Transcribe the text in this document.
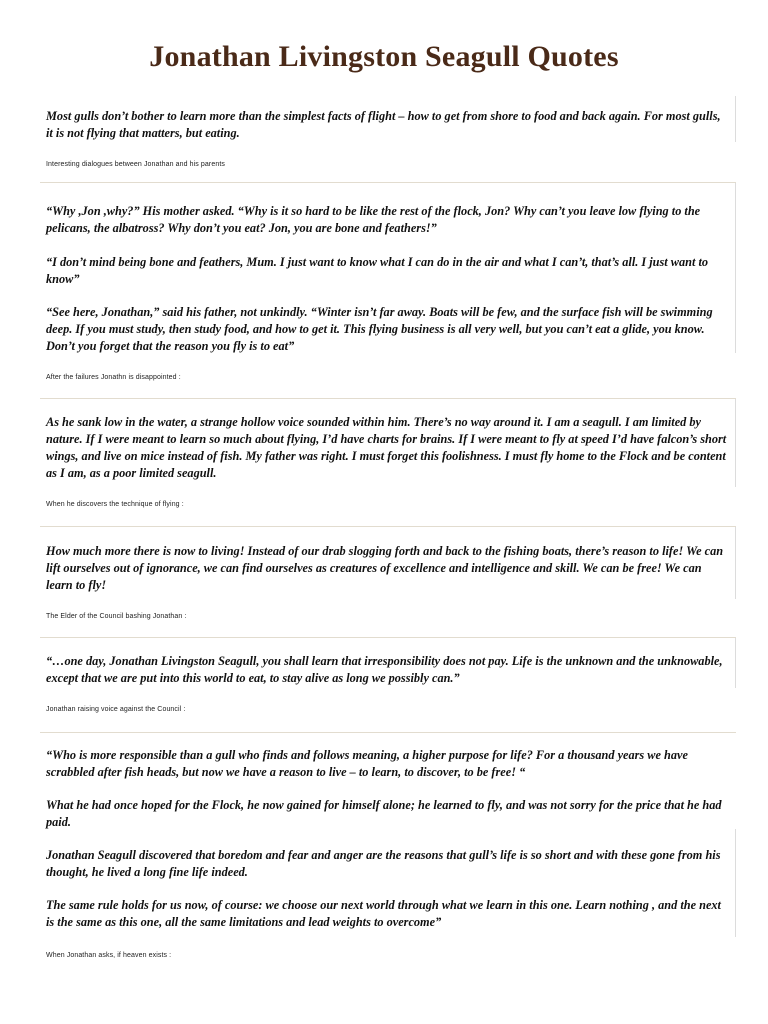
Jonathan Livingston Seagull Quotes

Most gulls don’t bother to learn more than the simplest facts of flight – how to get from shore to food and back again. For most gulls, it is not flying that matters, but eating.

Interesting dialogues between Jonathan and his parents

“Why ,Jon ,why?” His mother asked. “Why is it so hard to be like the rest of the flock, Jon? Why can’t you leave low flying to the pelicans, the albatross? Why don’t you eat? Jon, you are bone and feathers!”

“I don’t mind being bone and feathers, Mum. I just want to know what I can do in the air and what I can’t, that’s all. I just want to know”

“See here, Jonathan,” said his father, not unkindly. “Winter isn’t far away. Boats will be few, and the surface fish will be swimming deep. If you must study, then study food, and how to get it. This flying business is all very well, but you can’t eat a glide, you know. Don’t you forget that the reason you fly is to eat”

After the failures Jonathn is disappointed :

As he sank low in the water, a strange hollow voice sounded within him. There’s no way around it. I am a seagull. I am limited by nature. If I were meant to learn so much about flying, I’d have charts for brains. If I were meant to fly at speed I’d have falcon’s short wings, and live on mice instead of fish. My father was right. I must forget this foolishness. I must fly home to the Flock and be content as I am, as a poor limited seagull.

When he discovers the technique of flying :

How much more there is now to living! Instead of our drab slogging forth and back to the fishing boats, there’s reason to life! We can lift ourselves out of ignorance, we can find ourselves as creatures of excellence and intelligence and skill. We can be free! We can learn to fly!

The Elder of the Council bashing Jonathan :

“…one day, Jonathan Livingston Seagull, you shall learn that irresponsibility does not pay. Life is the unknown and the unknowable, except that we are put into this world to eat, to stay alive as long we possibly can.”

Jonathan raising voice against the Council :

“Who is more responsible than a gull who finds and follows meaning, a higher purpose for life? For a thousand years we have scrabbled after fish heads, but now we have a reason to live – to learn, to discover, to be free! “

What he had once hoped for the Flock, he now gained for himself alone; he learned to fly, and was not sorry for the price that he had paid.

Jonathan Seagull discovered that boredom and fear and anger are the reasons that gull’s life is so short and with these gone from his thought, he lived a long fine life indeed.

The same rule holds for us now, of course: we choose our next world through what we learn in this one. Learn nothing , and the next is the same as this one, all the same limitations and lead weights to overcome”

When Jonathan asks, if heaven exists :
